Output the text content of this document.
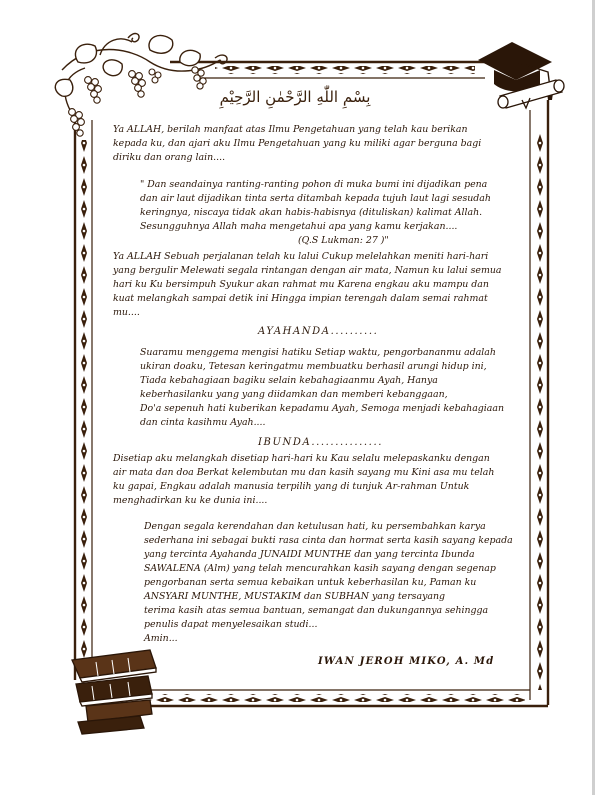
بِسْمِ اللّٰهِ الرَّحْمٰنِ الرَّحِيْمِ

Ya ALLAH, berilah manfaat atas Ilmu Pengetahuan yang telah kau berikan

kepada ku, dan ajari aku Ilmu Pengetahuan yang ku miliki agar berguna bagi

diriku dan orang lain....

" Dan seandainya ranting-ranting pohon di muka bumi ini dijadikan pena

dan air laut dijadikan tinta serta ditambah kepada tujuh laut lagi sesudah

keringnya, niscaya tidak akan habis-habisnya (dituliskan) kalimat Allah.

Sesungguhnya Allah maha mengetahui apa yang kamu kerjakan....

(Q.S Lukman: 27 )"

Ya ALLAH Sebuah perjalanan telah ku lalui Cukup melelahkan meniti hari-hari

yang bergulir Melewati segala rintangan dengan air mata, Namun ku lalui semua

hari ku Ku bersimpuh Syukur akan rahmat mu Karena engkau aku mampu dan

kuat melangkah sampai detik ini Hingga impian terengah dalam semai rahmat

mu....

AYAHANDA..........

Suaramu menggema mengisi hatiku Setiap waktu, pengorbananmu adalah

ukiran doaku, Tetesan keringatmu membuatku berhasil arungi hidup ini,

Tiada kebahagiaan bagiku selain kebahagiaanmu Ayah, Hanya

keberhasilanku yang yang diidamkan dan memberi kebanggaan,

Do'a sepenuh hati kuberikan kepadamu Ayah, Semoga menjadi kebahagiaan

dan cinta kasihmu Ayah....

IBUNDA...............

Disetiap aku melangkah disetiap hari-hari ku Kau selalu melepaskanku dengan

air mata dan doa Berkat kelembutan mu dan kasih sayang mu Kini asa mu telah

ku gapai, Engkau adalah manusia terpilih yang di tunjuk Ar-rahman Untuk

menghadirkan ku ke dunia ini....

Dengan segala kerendahan dan ketulusan hati, ku persembahkan karya

sederhana ini sebagai bukti rasa cinta dan hormat serta kasih sayang kepada

yang tercinta Ayahanda JUNAIDI MUNTHE dan yang tercinta Ibunda

SAWALENA (Alm) yang telah mencurahkan kasih sayang dengan segenap

pengorbanan serta semua kebaikan untuk keberhasilan ku, Paman ku

ANSYARI MUNTHE, MUSTAKIM dan SUBHAN yang tersayang

terima kasih atas semua bantuan, semangat dan dukungannya sehingga

penulis dapat menyelesaikan studi...

Amin...

IWAN JEROH MIKO, A. Md
